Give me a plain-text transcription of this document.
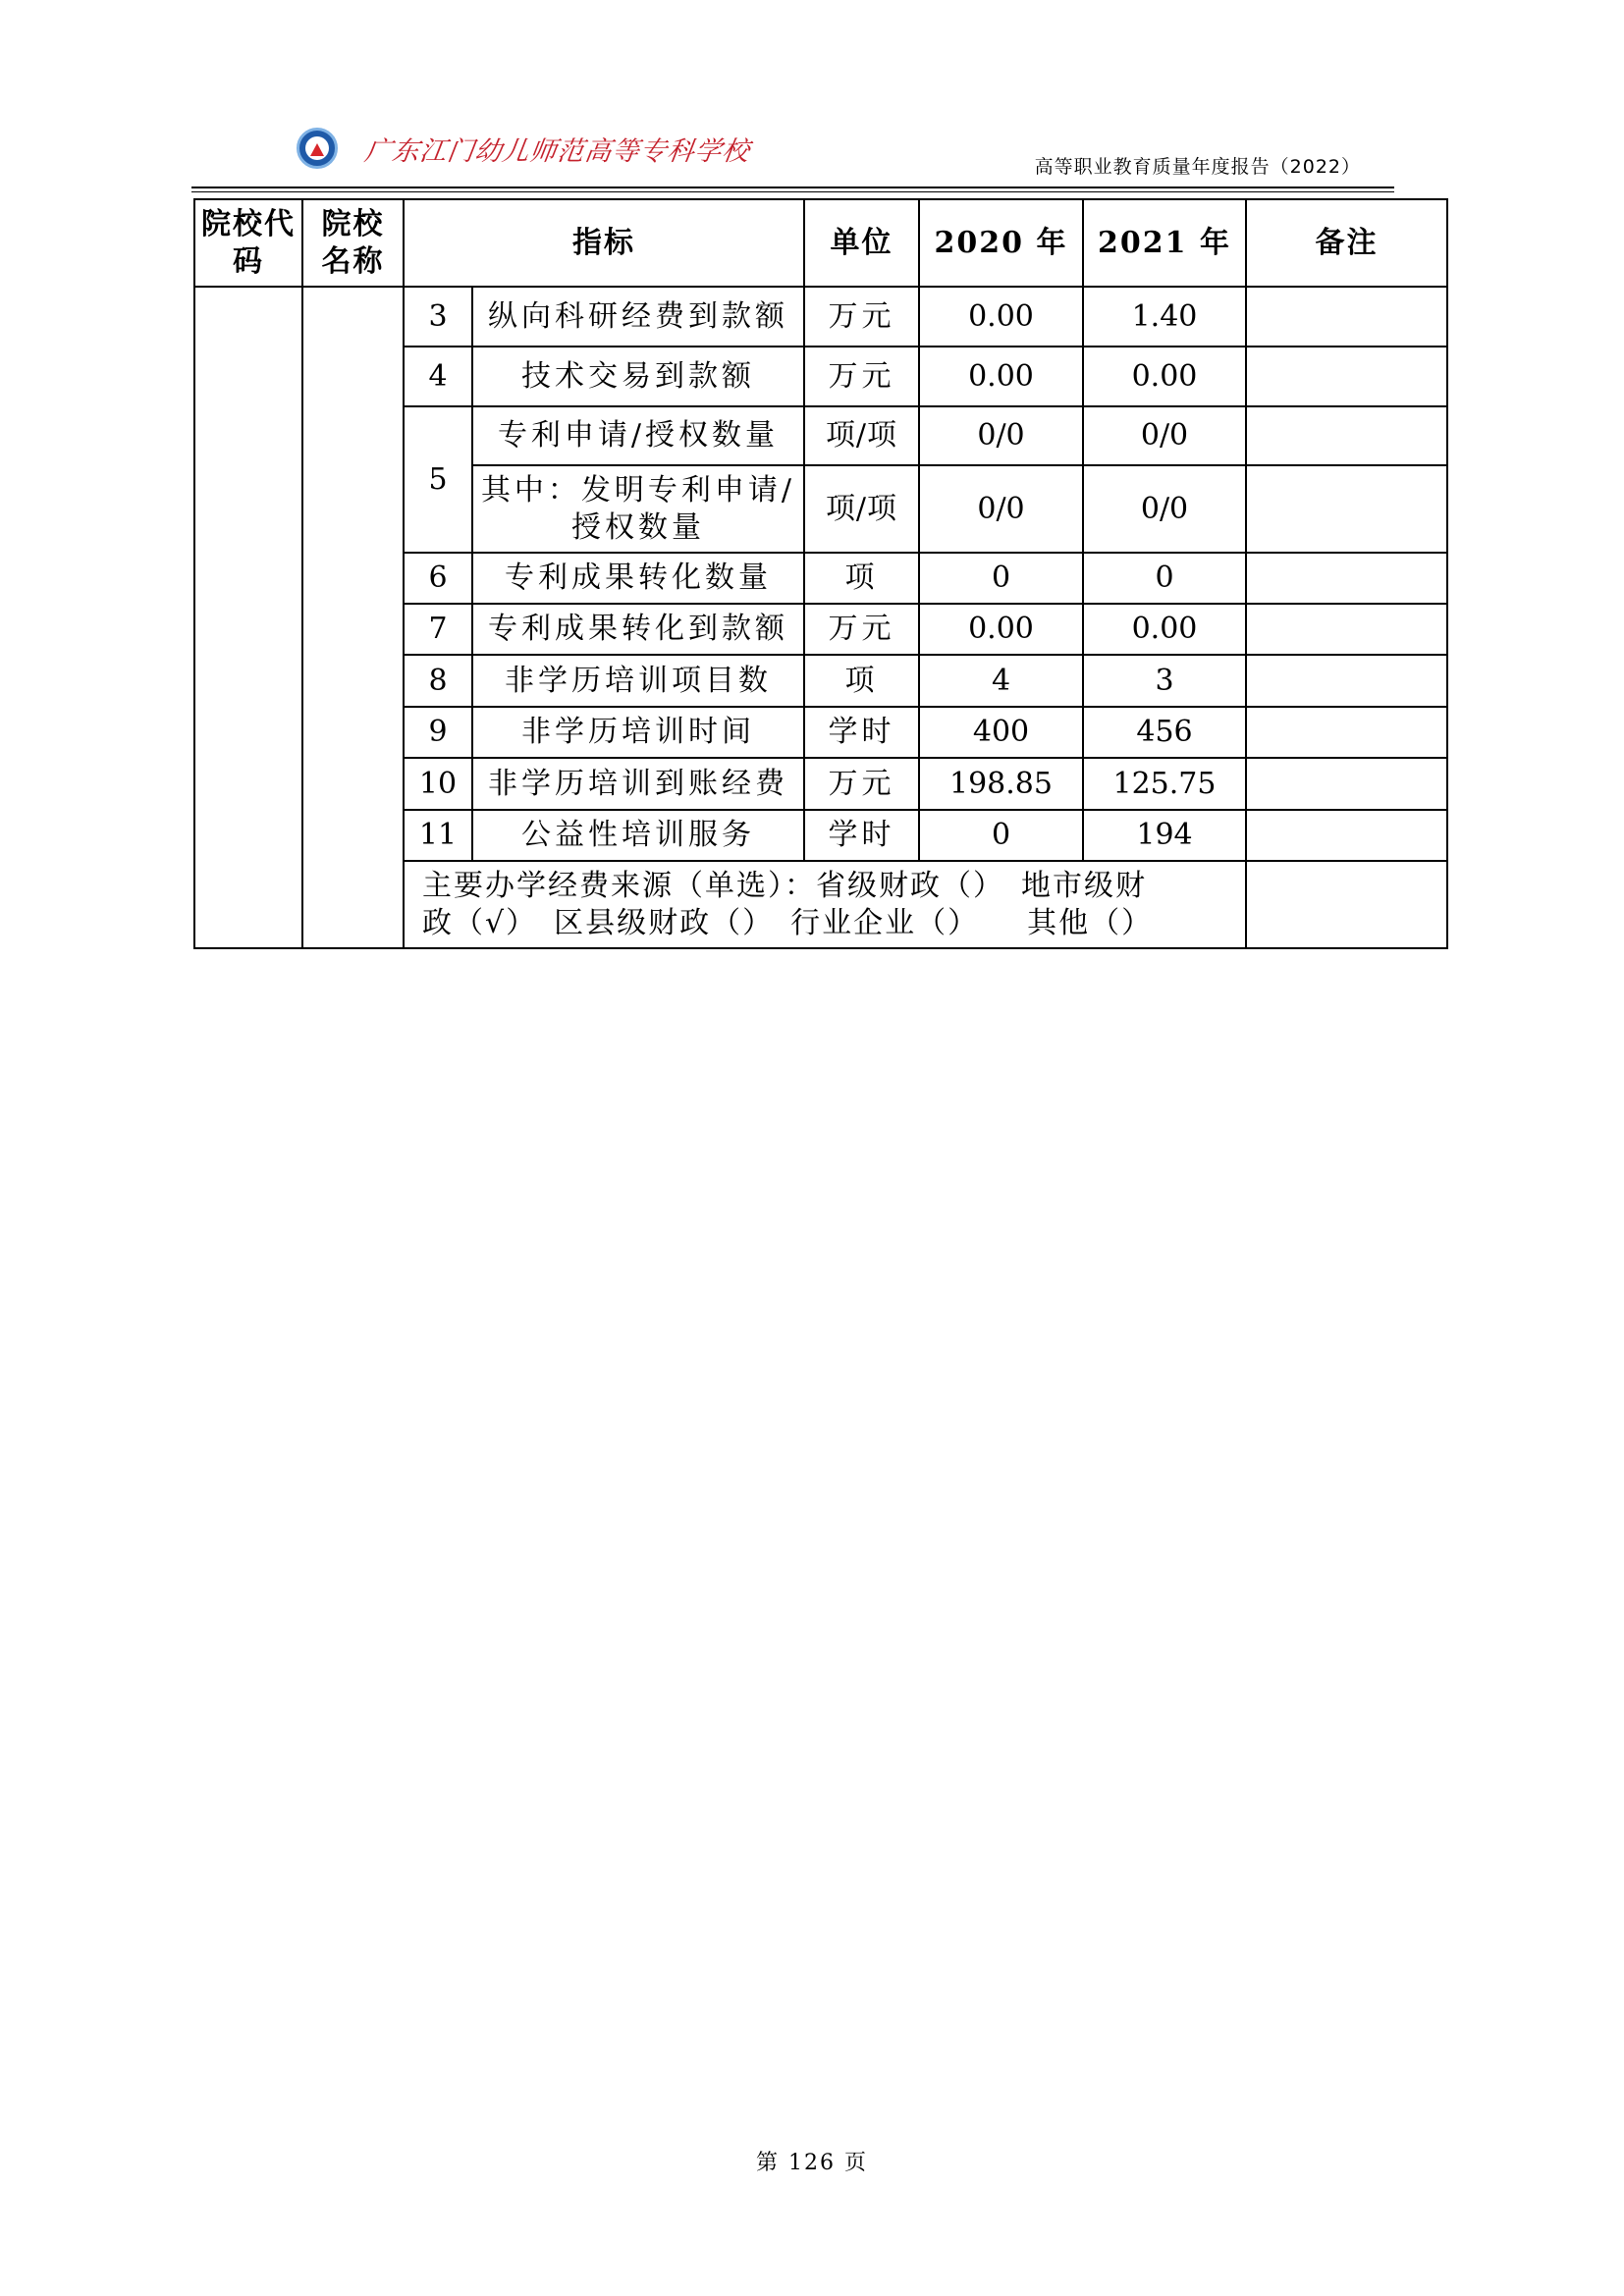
广东江门幼儿师范高等专科学校	高等职业教育质量年度报告（2022）
院校代码	院校名称	指标		单位	2020 年	2021 年	备注
		3	纵向科研经费到款额	万元	0.00	1.40	
		4	技术交易到款额	万元	0.00	0.00	
		5	专利申请/授权数量	项/项	0/0	0/0	
			其中：发明专利申请/授权数量	项/项	0/0	0/0	
		6	专利成果转化数量	项	0	0	
		7	专利成果转化到款额	万元	0.00	0.00	
		8	非学历培训项目数	项	4	3	
		9	非学历培训时间	学时	400	456	
		10	非学历培训到账经费	万元	198.85	125.75	
		11	公益性培训服务	学时	0	194	

		主要办学经费来源（单选）：省级财政（）　地市级财
政（√）　区县级财政（）　行业企业（）　　其他（）					

第 126 页
